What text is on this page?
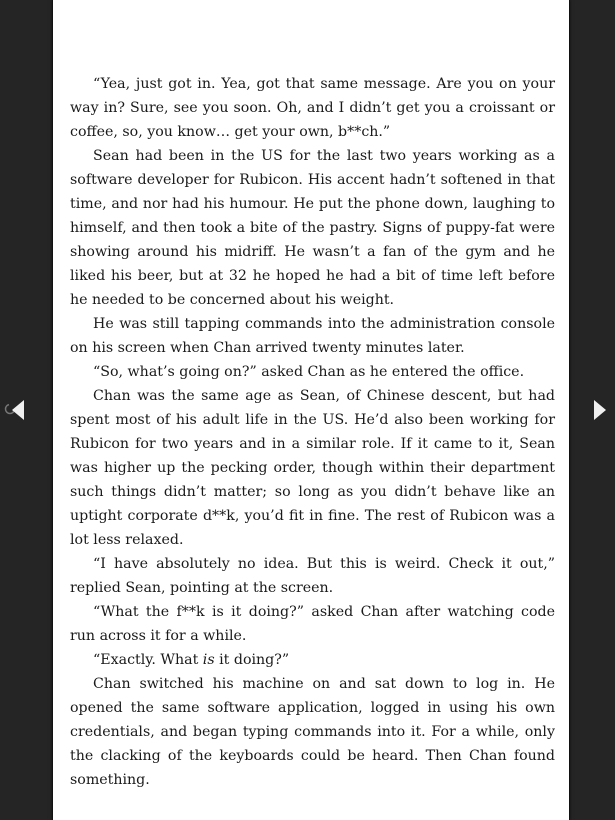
“Yea, just got in. Yea, got that same message. Are you on your way in? Sure, see you soon. Oh, and I didn’t get you a croissant or coffee, so, you know… get your own, b**ch.”

Sean had been in the US for the last two years working as a software developer for Rubicon. His accent hadn’t softened in that time, and nor had his humour. He put the phone down, laughing to himself, and then took a bite of the pastry. Signs of puppy-fat were showing around his midriff. He wasn’t a fan of the gym and he liked his beer, but at 32 he hoped he had a bit of time left before he needed to be concerned about his weight.

He was still tapping commands into the administration console on his screen when Chan arrived twenty minutes later.

“So, what’s going on?” asked Chan as he entered the office.

Chan was the same age as Sean, of Chinese descent, but had spent most of his adult life in the US. He’d also been working for Rubicon for two years and in a similar role. If it came to it, Sean was higher up the pecking order, though within their department such things didn’t matter; so long as you didn’t behave like an uptight corporate d**k, you’d fit in fine. The rest of Rubicon was a lot less relaxed.

“I have absolutely no idea. But this is weird. Check it out,” replied Sean, pointing at the screen.

“What the f**k is it doing?” asked Chan after watching code run across it for a while.

“Exactly. What is it doing?”

Chan switched his machine on and sat down to log in. He opened the same software application, logged in using his own credentials, and began typing commands into it. For a while, only the clacking of the keyboards could be heard. Then Chan found something.
